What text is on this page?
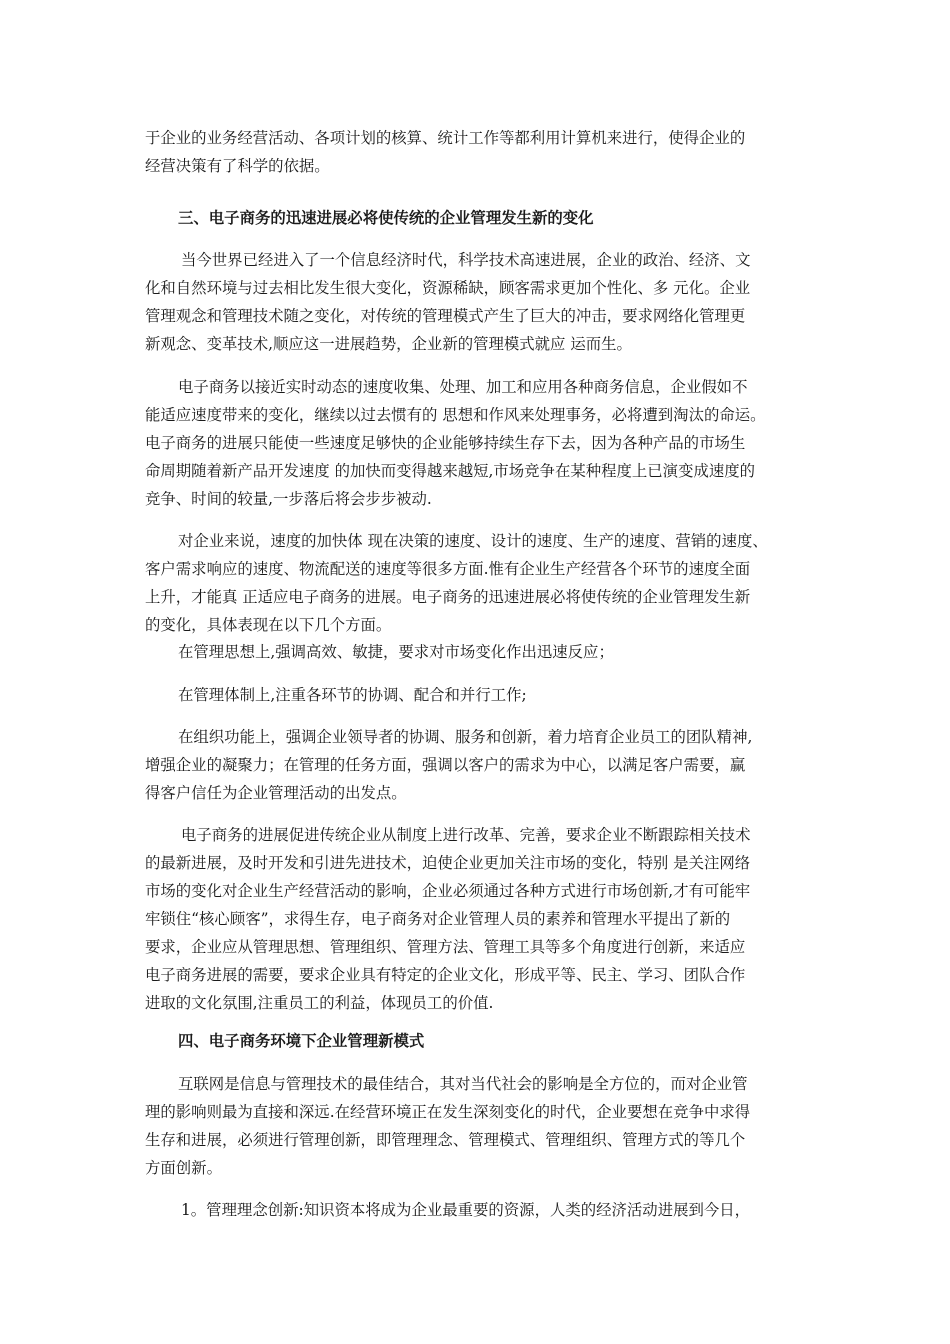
于企业的业务经营活动、各项计划的核算、统计工作等都利用计算机来进行，使得企业的
经营决策有了科学的依据。
三、电子商务的迅速进展必将使传统的企业管理发生新的变化
当今世界已经进入了一个信息经济时代，科学技术高速进展，企业的政治、经济、文
化和自然环境与过去相比发生很大变化，资源稀缺，顾客需求更加个性化、多 元化。企业
管理观念和管理技术随之变化，对传统的管理模式产生了巨大的冲击，要求网络化管理更
新观念、变革技术,顺应这一进展趋势，企业新的管理模式就应 运而生。
电子商务以接近实时动态的速度收集、处理、加工和应用各种商务信息，企业假如不
能适应速度带来的变化，继续以过去惯有的 思想和作风来处理事务，必将遭到淘汰的命运。
电子商务的进展只能使一些速度足够快的企业能够持续生存下去，因为各种产品的市场生
命周期随着新产品开发速度 的加快而变得越来越短,市场竞争在某种程度上已演变成速度的
竞争、时间的较量,一步落后将会步步被动.
对企业来说，速度的加快体 现在决策的速度、设计的速度、生产的速度、营销的速度、
客户需求响应的速度、物流配送的速度等很多方面.惟有企业生产经营各个环节的速度全面
上升，才能真 正适应电子商务的进展。电子商务的迅速进展必将使传统的企业管理发生新
的变化，具体表现在以下几个方面。
在管理思想上,强调高效、敏捷，要求对市场变化作出迅速反应；
在管理体制上,注重各环节的协调、配合和并行工作;
在组织功能上，强调企业领导者的协调、服务和创新，着力培育企业员工的团队精神,
增强企业的凝聚力；在管理的任务方面，强调以客户的需求为中心，以满足客户需要，赢
得客户信任为企业管理活动的出发点。
电子商务的进展促进传统企业从制度上进行改革、完善，要求企业不断跟踪相关技术
的最新进展，及时开发和引进先进技术，迫使企业更加关注市场的变化，特别 是关注网络
市场的变化对企业生产经营活动的影响，企业必须通过各种方式进行市场创新,才有可能牢
牢锁住“核心顾客”，求得生存，电子商务对企业管理人员的素养和管理水平提出了新的
要求，企业应从管理思想、管理组织、管理方法、管理工具等多个角度进行创新，来适应
电子商务进展的需要，要求企业具有特定的企业文化，形成平等、民主、学习、团队合作
进取的文化氛围,注重员工的利益，体现员工的价值.
四、电子商务环境下企业管理新模式
互联网是信息与管理技术的最佳结合，其对当代社会的影响是全方位的，而对企业管
理的影响则最为直接和深远.在经营环境正在发生深刻变化的时代，企业要想在竞争中求得
生存和进展，必须进行管理创新，即管理理念、管理模式、管理组织、管理方式的等几个
方面创新。
1。管理理念创新:知识资本将成为企业最重要的资源，人类的经济活动进展到今日，
